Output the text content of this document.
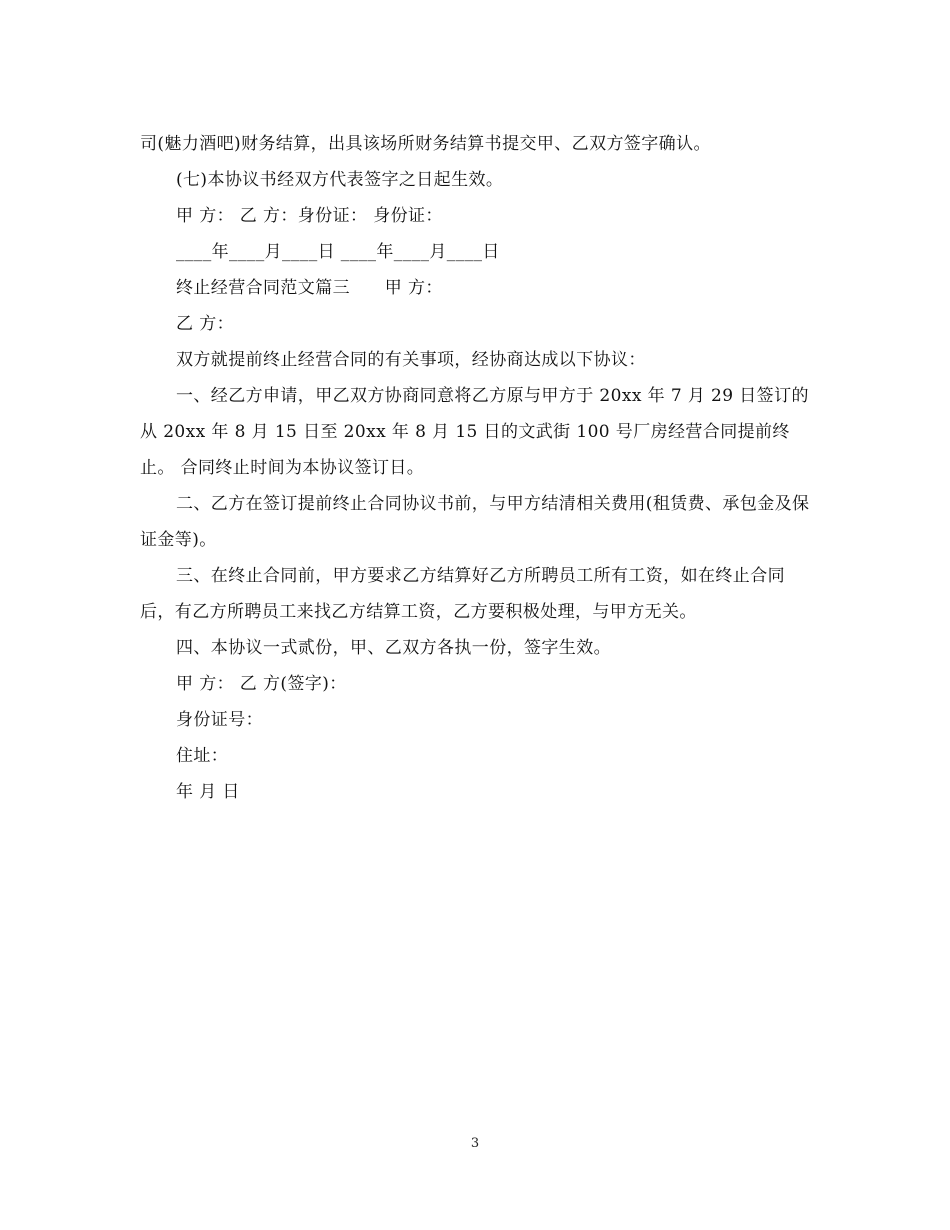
司(魅力酒吧)财务结算，出具该场所财务结算书提交甲、乙双方签字确认。

(七)本协议书经双方代表签字之日起生效。

甲 方： 乙 方：身份证： 身份证：

____年____月____日 ____年____月____日

终止经营合同范文篇三　　甲 方：

乙 方：

双方就提前终止经营合同的有关事项，经协商达成以下协议：

一、经乙方申请，甲乙双方协商同意将乙方原与甲方于 20xx 年 7 月 29 日签订的从 20xx 年 8 月 15 日至 20xx 年 8 月 15 日的文武街 100 号厂房经营合同提前终止。 合同终止时间为本协议签订日。

二、乙方在签订提前终止合同协议书前，与甲方结清相关费用(租赁费、承包金及保证金等)。

三、在终止合同前，甲方要求乙方结算好乙方所聘员工所有工资，如在终止合同后，有乙方所聘员工来找乙方结算工资，乙方要积极处理，与甲方无关。

四、本协议一式贰份，甲、乙双方各执一份，签字生效。

甲 方： 乙 方(签字)：

身份证号：

住址：

年 月 日

3
